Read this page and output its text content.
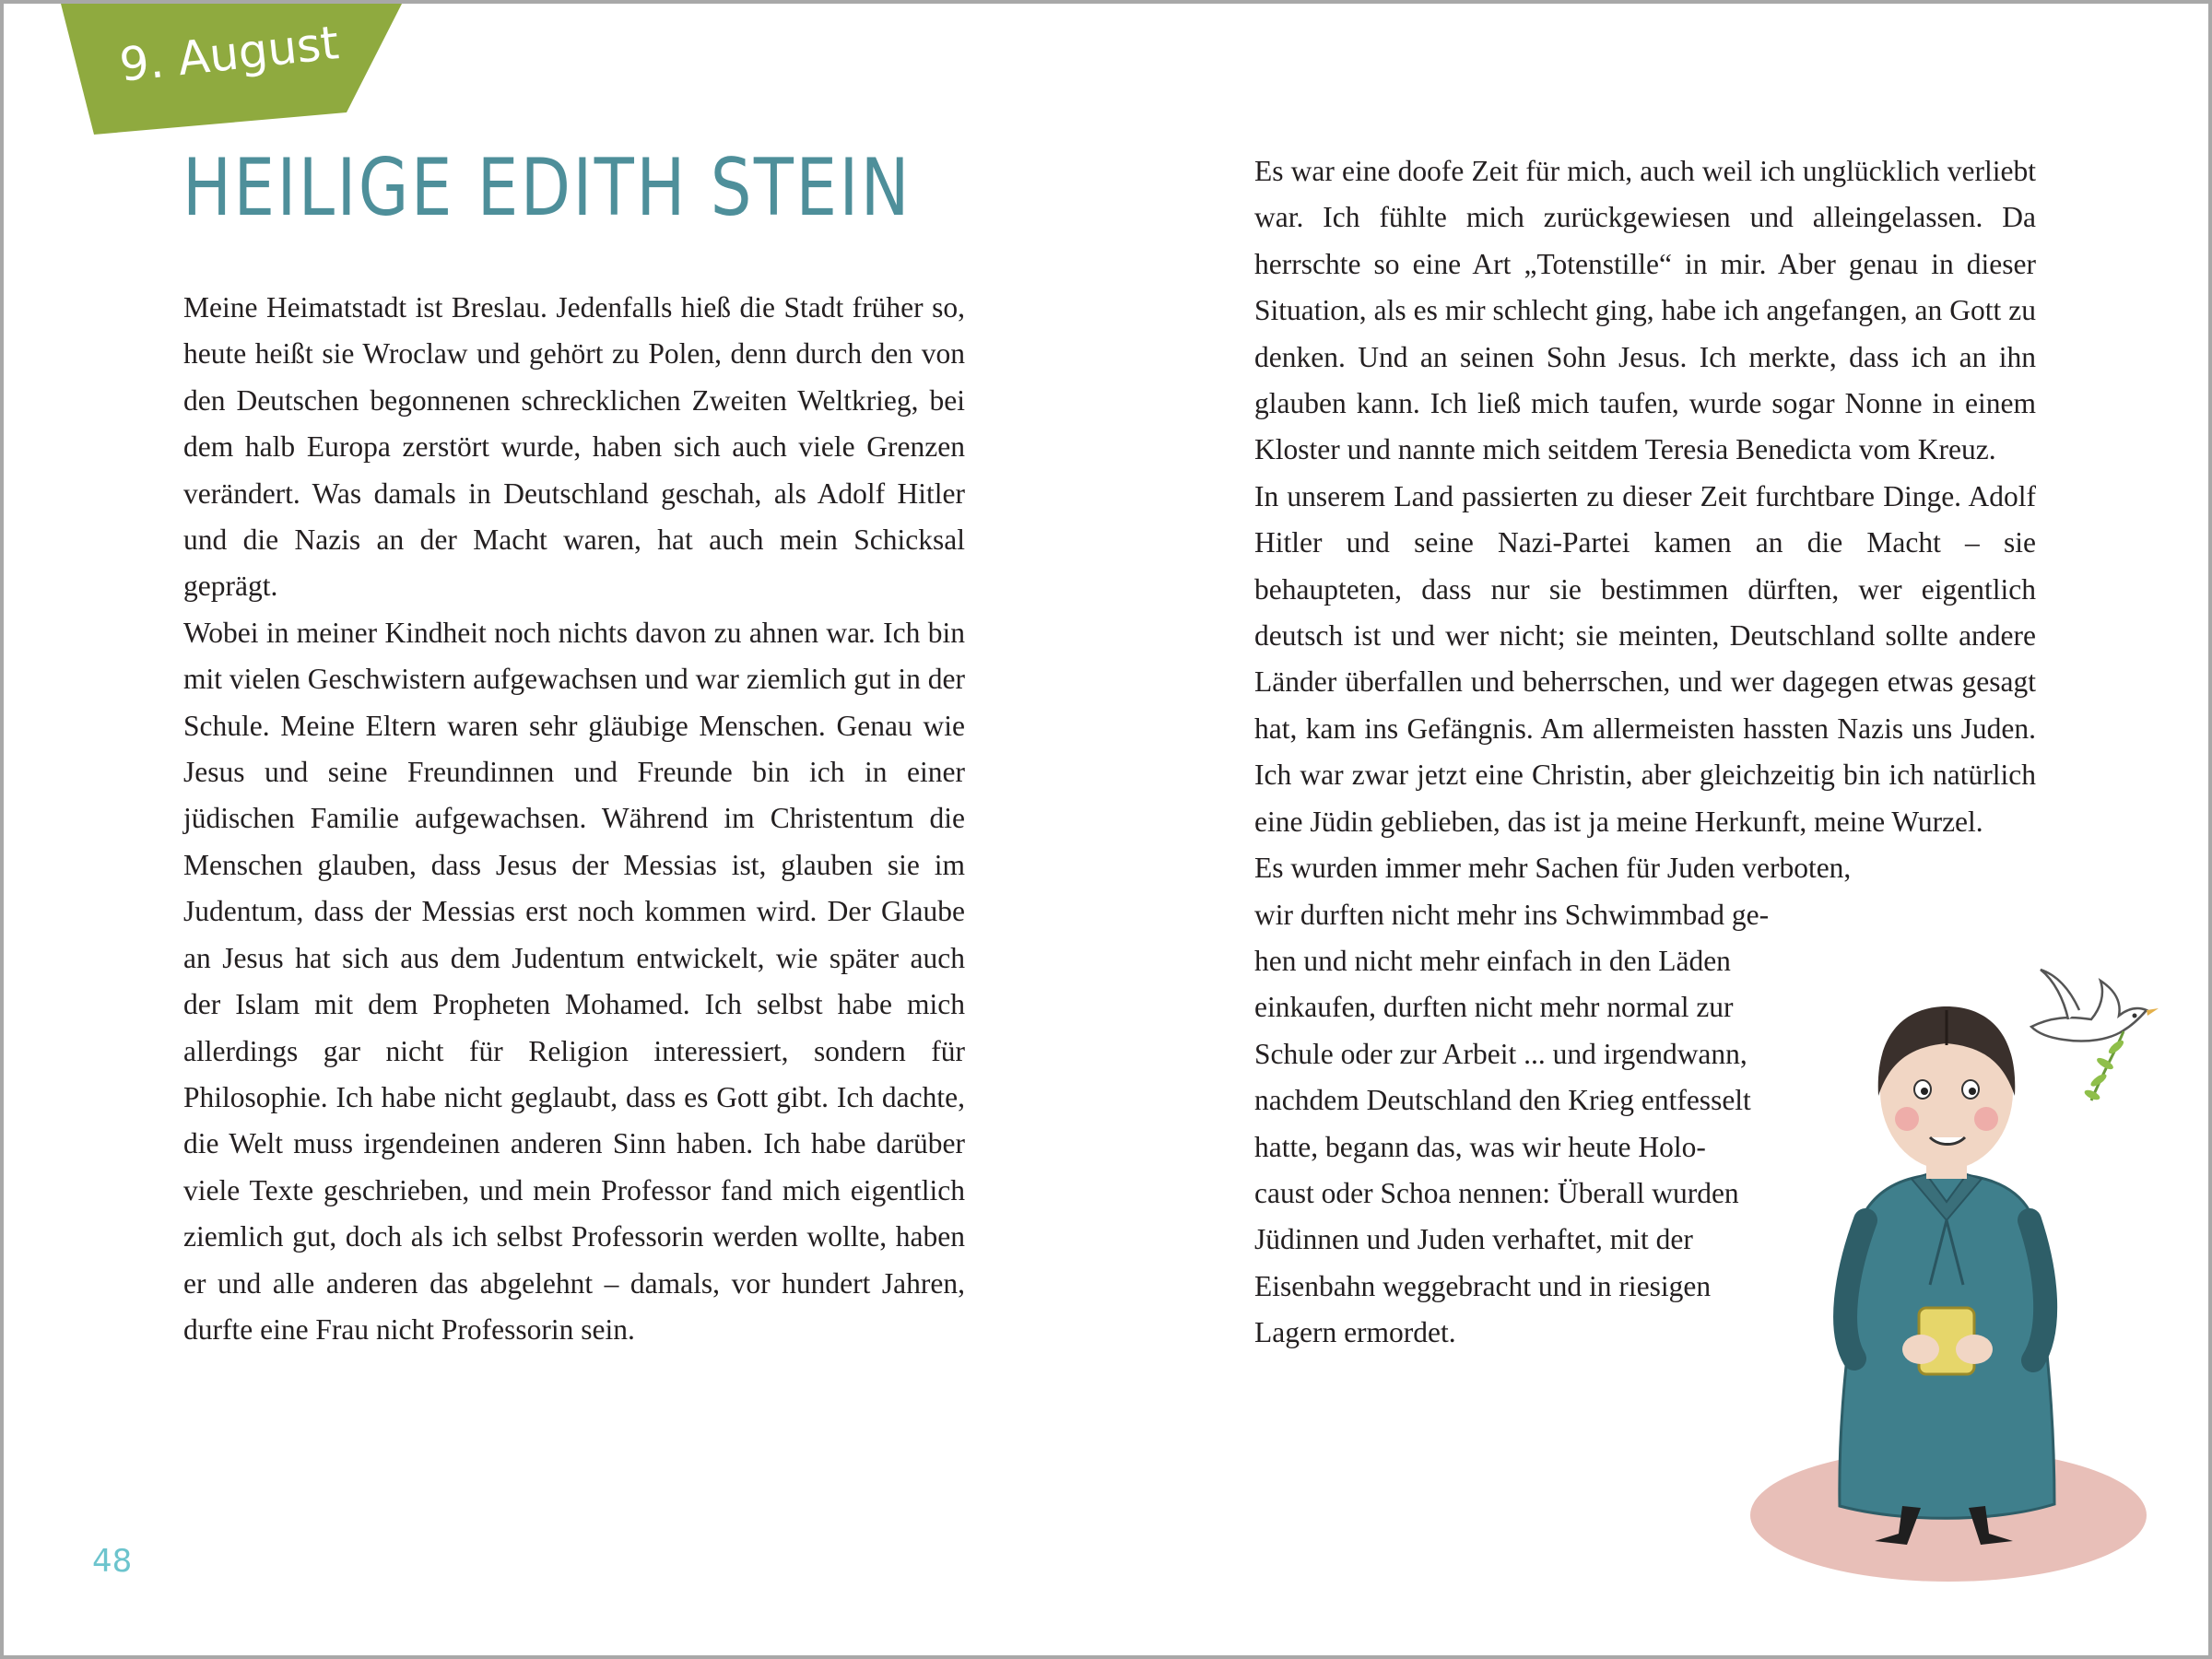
9. August
HEILIGE EDITH STEIN

Meine Heimatstadt ist Breslau. Jedenfalls hieß die Stadt früher so, heute heißt sie Wroclaw und gehört zu Polen, denn durch den von den Deutschen begonnenen schrecklichen Zweiten Weltkrieg, bei dem halb Europa zerstört wurde, haben sich auch viele Grenzen verändert. Was damals in Deutschland geschah, als Adolf Hitler und die Nazis an der Macht waren, hat auch mein Schicksal geprägt.

Wobei in meiner Kindheit noch nichts davon zu ahnen war. Ich bin mit vielen Geschwistern aufgewachsen und war ziemlich gut in der Schule. Meine Eltern waren sehr gläubige Menschen. Genau wie Jesus und seine Freundinnen und Freunde bin ich in einer jüdischen Familie aufgewachsen. Während im Christentum die Menschen glauben, dass Jesus der Messias ist, glauben sie im Judentum, dass der Messias erst noch kommen wird. Der Glaube an Jesus hat sich aus dem Judentum entwickelt, wie später auch der Islam mit dem Propheten Mohamed. Ich selbst habe mich allerdings gar nicht für Religion interessiert, sondern für Philosophie. Ich habe nicht geglaubt, dass es Gott gibt. Ich dachte, die Welt muss irgendeinen anderen Sinn haben. Ich habe darüber viele Texte geschrieben, und mein Professor fand mich eigentlich ziemlich gut, doch als ich selbst Professorin werden wollte, haben er und alle anderen das abgelehnt – damals, vor hundert Jahren, durfte eine Frau nicht Professorin sein.

Es war eine doofe Zeit für mich, auch weil ich unglücklich verliebt war. Ich fühlte mich zurückgewiesen und alleingelassen. Da herrschte so eine Art „Totenstille“ in mir. Aber genau in dieser Situation, als es mir schlecht ging, habe ich angefangen, an Gott zu denken. Und an seinen Sohn Jesus. Ich merkte, dass ich an ihn glauben kann. Ich ließ mich taufen, wurde sogar Nonne in einem Kloster und nannte mich seitdem Teresia Benedicta vom Kreuz.

In unserem Land passierten zu dieser Zeit furchtbare Dinge. Adolf Hitler und seine Nazi-Partei kamen an die Macht – sie behaupteten, dass nur sie bestimmen dürften, wer eigentlich deutsch ist und wer nicht; sie meinten, Deutschland sollte andere Länder überfallen und beherrschen, und wer dagegen etwas gesagt hat, kam ins Gefängnis. Am allermeisten hassten Nazis uns Juden. Ich war zwar jetzt eine Christin, aber gleichzeitig bin ich natürlich eine Jüdin geblieben, das ist ja meine Herkunft, meine Wurzel.

Es wurden immer mehr Sachen für Juden verboten,
wir durften nicht mehr ins Schwimmbad ge-
hen und nicht mehr einfach in den Läden
einkaufen, durften nicht mehr normal zur
Schule oder zur Arbeit ... und irgendwann,
nachdem Deutschland den Krieg entfesselt
hatte, begann das, was wir heute Holo-
caust oder Schoa nennen: Überall wurden
Jüdinnen und Juden verhaftet, mit der
Eisenbahn weggebracht und in riesigen
Lagern ermordet.

48
